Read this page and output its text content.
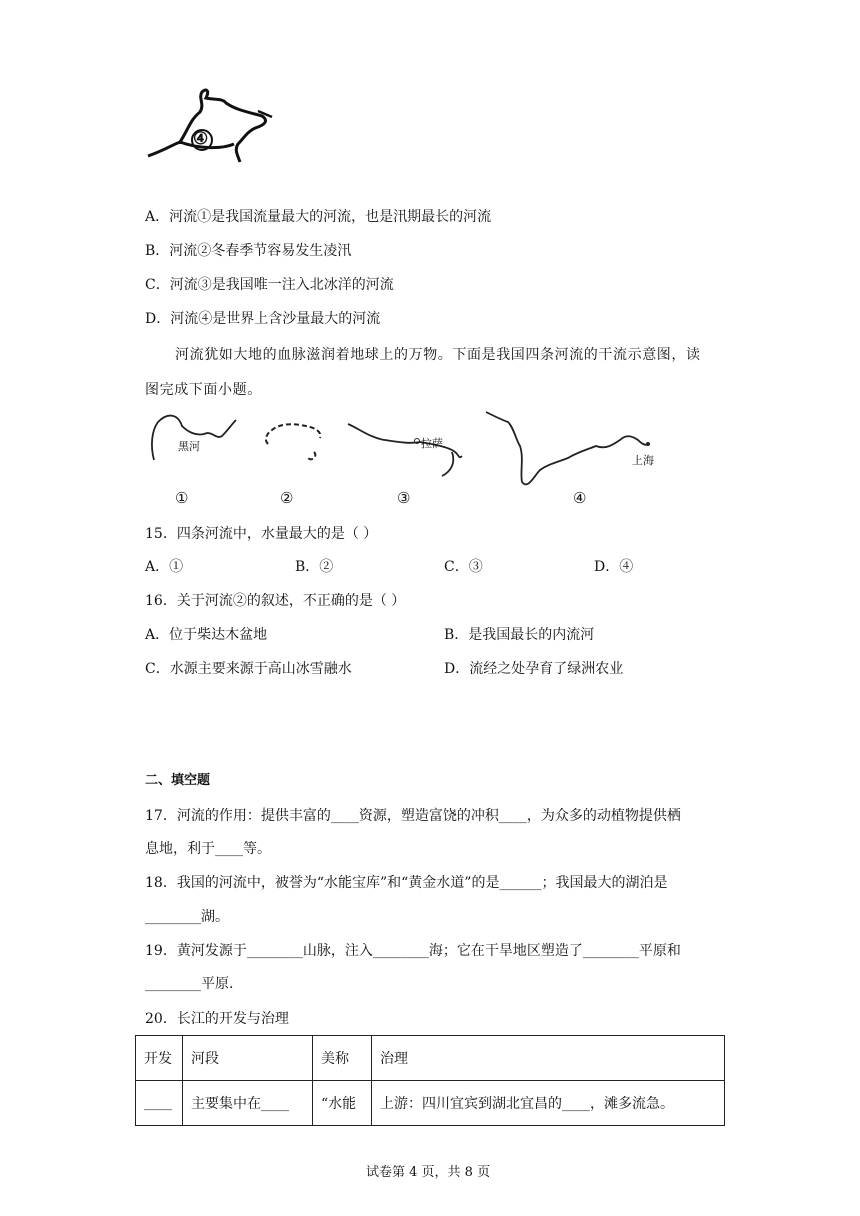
④
A．河流①是我国流量最大的河流，也是汛期最长的河流
B．河流②冬春季节容易发生凌汛
C．河流③是我国唯一注入北冰洋的河流
D．河流④是世界上含沙量最大的河流
河流犹如大地的血脉滋润着地球上的万物。下面是我国四条河流的干流示意图，读
图完成下面小题。
黑河	拉萨
上海
①	②	③	④
15．四条河流中，水量最大的是（ ）
A．①	B．②	C．③	D．④
16．关于河流②的叙述，不正确的是（ ）
A．位于柴达木盆地	B．是我国最长的内流河
C．水源主要来源于高山冰雪融水	D．流经之处孕育了绿洲农业
二、填空题
17．河流的作用：提供丰富的____资源，塑造富饶的冲积____，为众多的动植物提供栖
息地，利于____等。
18．我国的河流中，被誉为“水能宝库”和“黄金水道”的是______；我国最大的湖泊是
________湖。
19．黄河发源于________山脉，注入________海；它在干旱地区塑造了________平原和
________平原.
20．长江的开发与治理
开发	河段	美称	治理
____	主要集中在____	“水能	上游：四川宜宾到湖北宜昌的____，滩多流急。
试卷第 4 页，共 8 页
